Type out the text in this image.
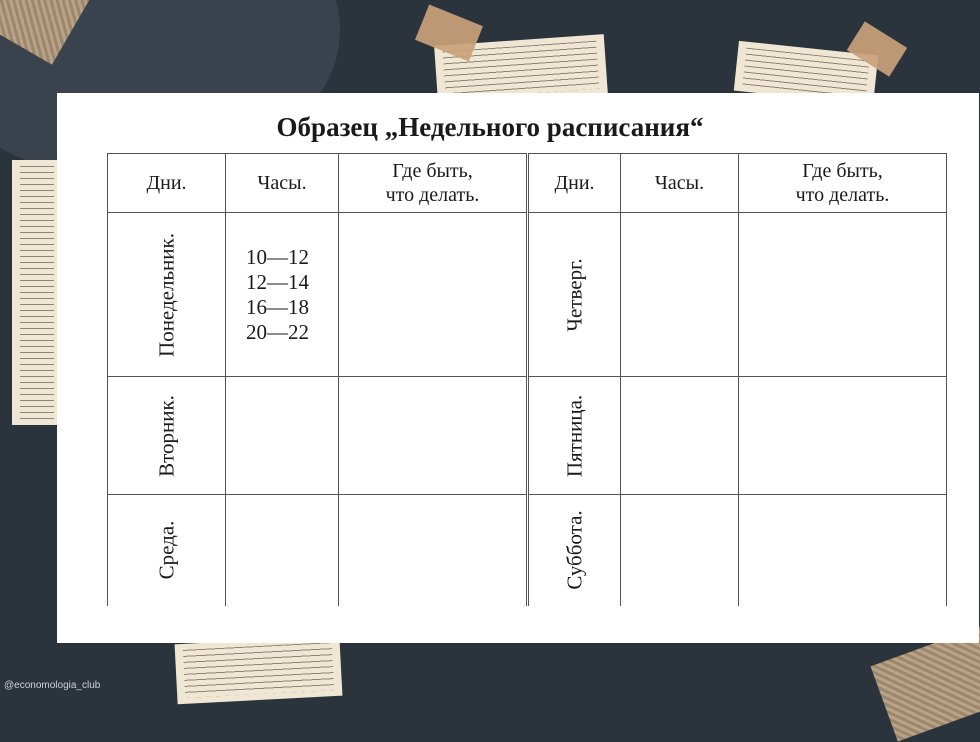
Образец „Недельного расписания“
Дни.	Часы.	Где быть,
что делать.	Дни.	Часы.	Где быть,
что делать.

Понедельник.	10—12
12—14
16—18
20—22		Четверг.		

Вторник.			Пятница.		

Среда.			Суббота.		

@economologia_club
